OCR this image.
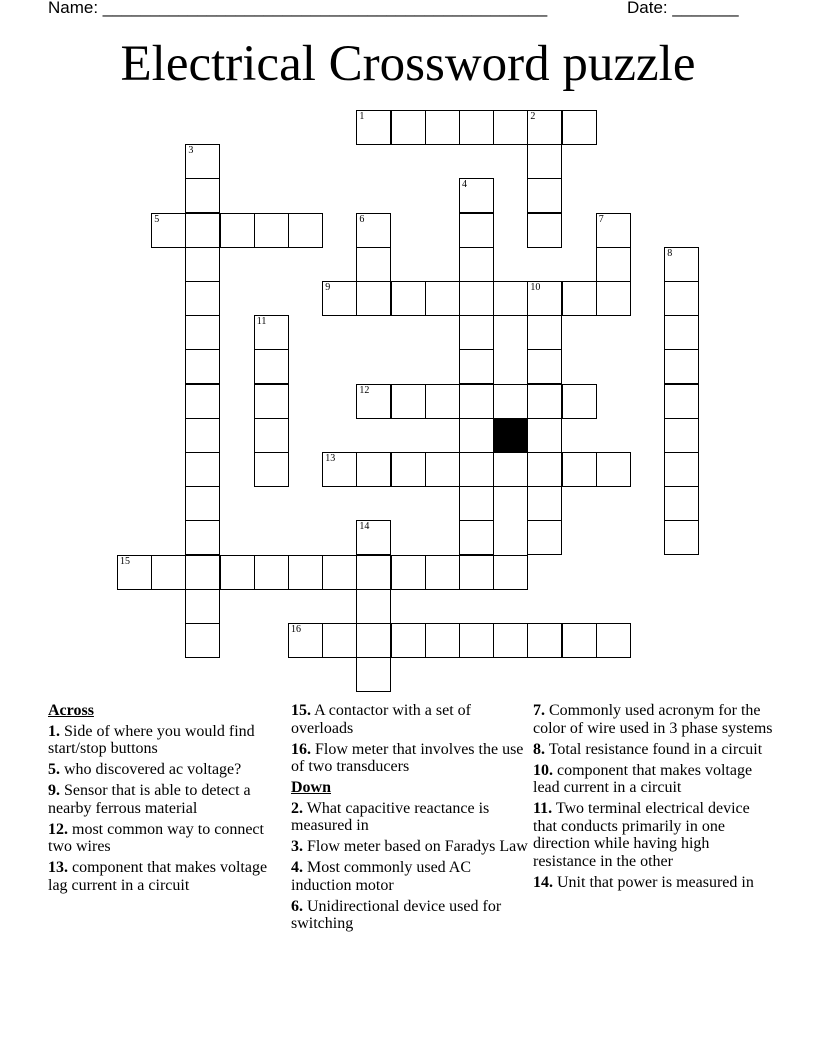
Name: _______________________________________________	Date: _______
Electrical Crossword puzzle
1	2
3
4
5	6	7
8
9	10
11
12
13
14
15
16
Across
1. Side of where you would find start/stop buttons
5. who discovered ac voltage?
9. Sensor that is able to detect a nearby ferrous material
12. most common way to connect two wires
13. component that makes voltage lag current in a circuit
15. A contactor with a set of overloads
16. Flow meter that involves the use of two transducers
Down
2. What capacitive reactance is measured in
3. Flow meter based on Faradys Law
4. Most commonly used AC induction motor
6. Unidirectional device used for switching
7. Commonly used acronym for the color of wire used in 3 phase systems
8. Total resistance found in a circuit
10. component that makes voltage lead current in a circuit
11. Two terminal electrical device that conducts primarily in one direction while having high resistance in the other
14. Unit that power is measured in
